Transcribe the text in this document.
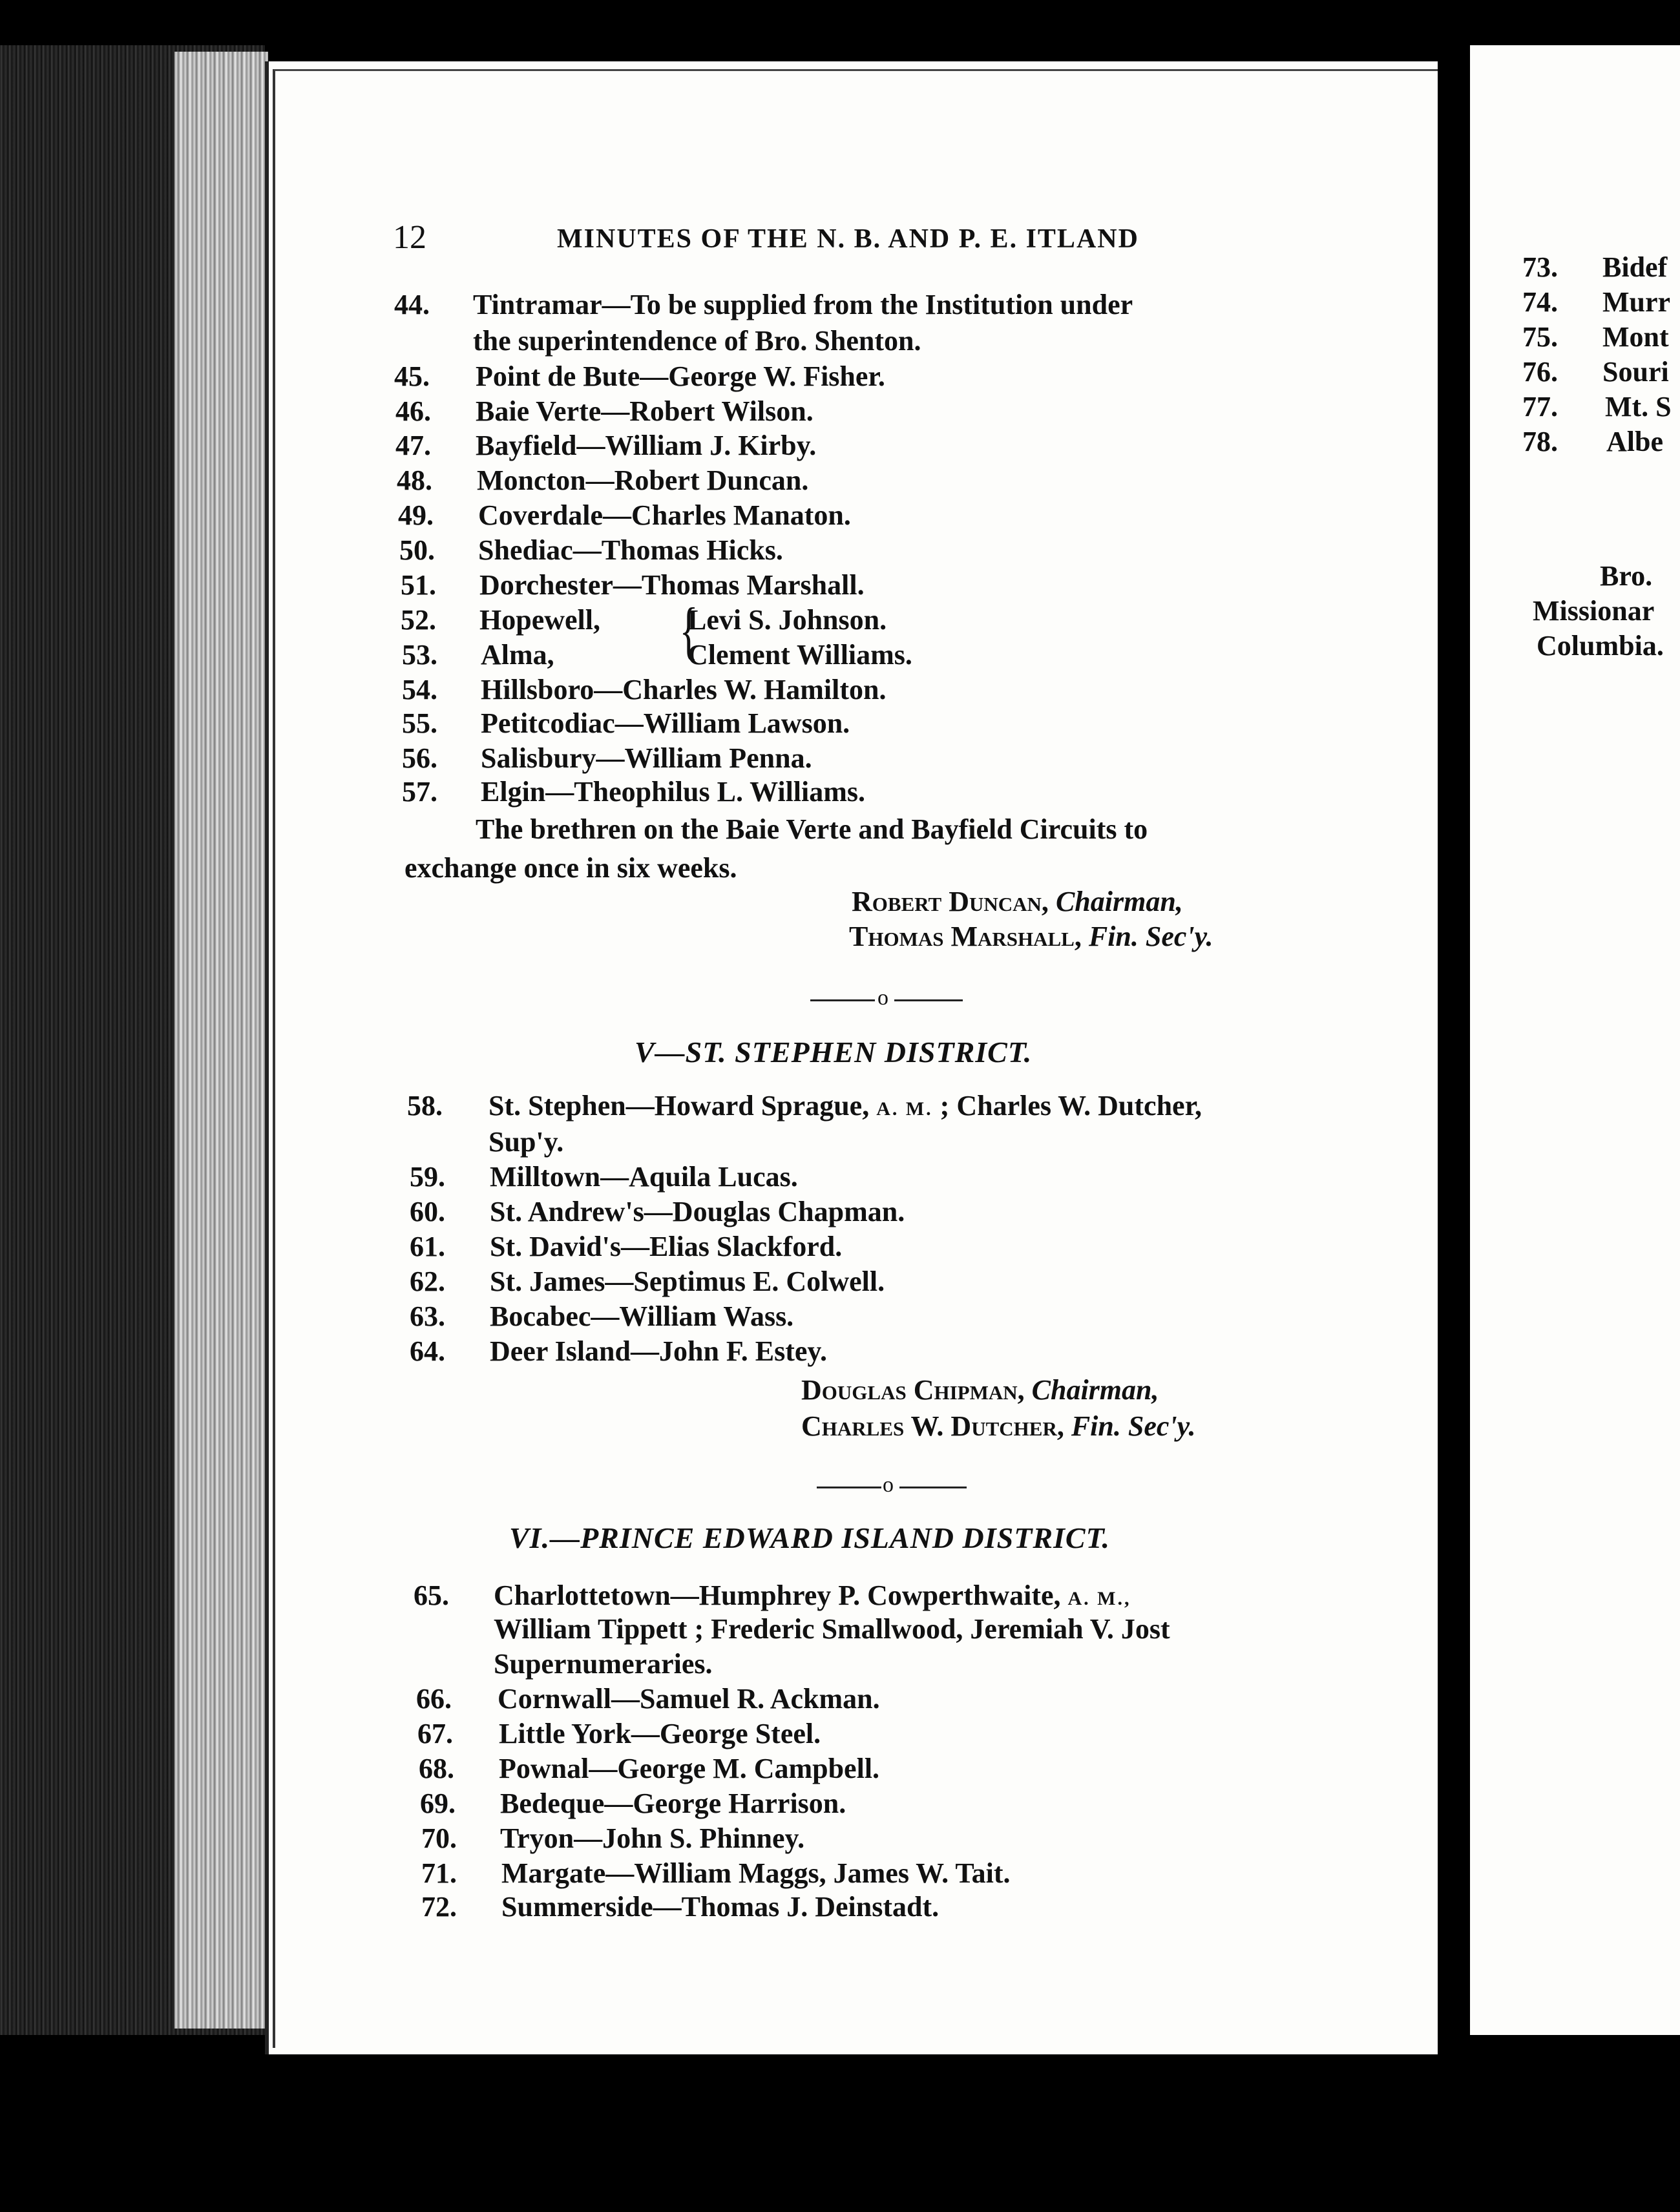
12	MINUTES OF THE N. B. AND P. E. ITLAND
44. Tintramar—To be supplied from the Institution under
the superintendence of Bro. Shenton.
45. Point de Bute—George W. Fisher.
46. Baie Verte—Robert Wilson.
47. Bayfield—William J. Kirby.
48. Moncton—Robert Duncan.
49. Coverdale—Charles Manaton.
50. Shediac—Thomas Hicks.
51. Dorchester—Thomas Marshall.
52. Hopewell, {
Levi S. Johnson.
53. Alma,	Clement Williams.
54. Hillsboro—Charles W. Hamilton.
55. Petitcodiac—William Lawson.
56. Salisbury—William Penna.
57. Elgin—Theophilus L. Williams.
The brethren on the Baie Verte and Bayfield Circuits to
exchange once in six weeks.
Robert Duncan, Chairman,
Thomas Marshall, Fin. Sec'y.
o
V—ST. STEPHEN DISTRICT.
58. St. Stephen—Howard Sprague, A. M. ; Charles W. Dutcher,
Sup'y.
59. Milltown—Aquila Lucas.
60. St. Andrew's—Douglas Chapman.
61. St. David's—Elias Slackford.
62. St. James—Septimus E. Colwell.
63. Bocabec—William Wass.
64. Deer Island—John F. Estey.
Douglas Chipman, Chairman,
Charles W. Dutcher, Fin. Sec'y.
o
VI.—PRINCE EDWARD ISLAND DISTRICT.
65. Charlottetown—Humphrey P. Cowperthwaite, A. M.,
William Tippett ; Frederic Smallwood, Jeremiah V. Jost
Supernumeraries.
66. Cornwall—Samuel R. Ackman.
67. Little York—George Steel.
68. Pownal—George M. Campbell.
69. Bedeque—George Harrison.
70. Tryon—John S. Phinney.
71. Margate—William Maggs, James W. Tait.
72. Summerside—Thomas J. Deinstadt.
73. Bidef
74. Murr
75. Mont
76. Souri
77. Mt. S
78. Albe
Bro.
Missionar
Columbia.
